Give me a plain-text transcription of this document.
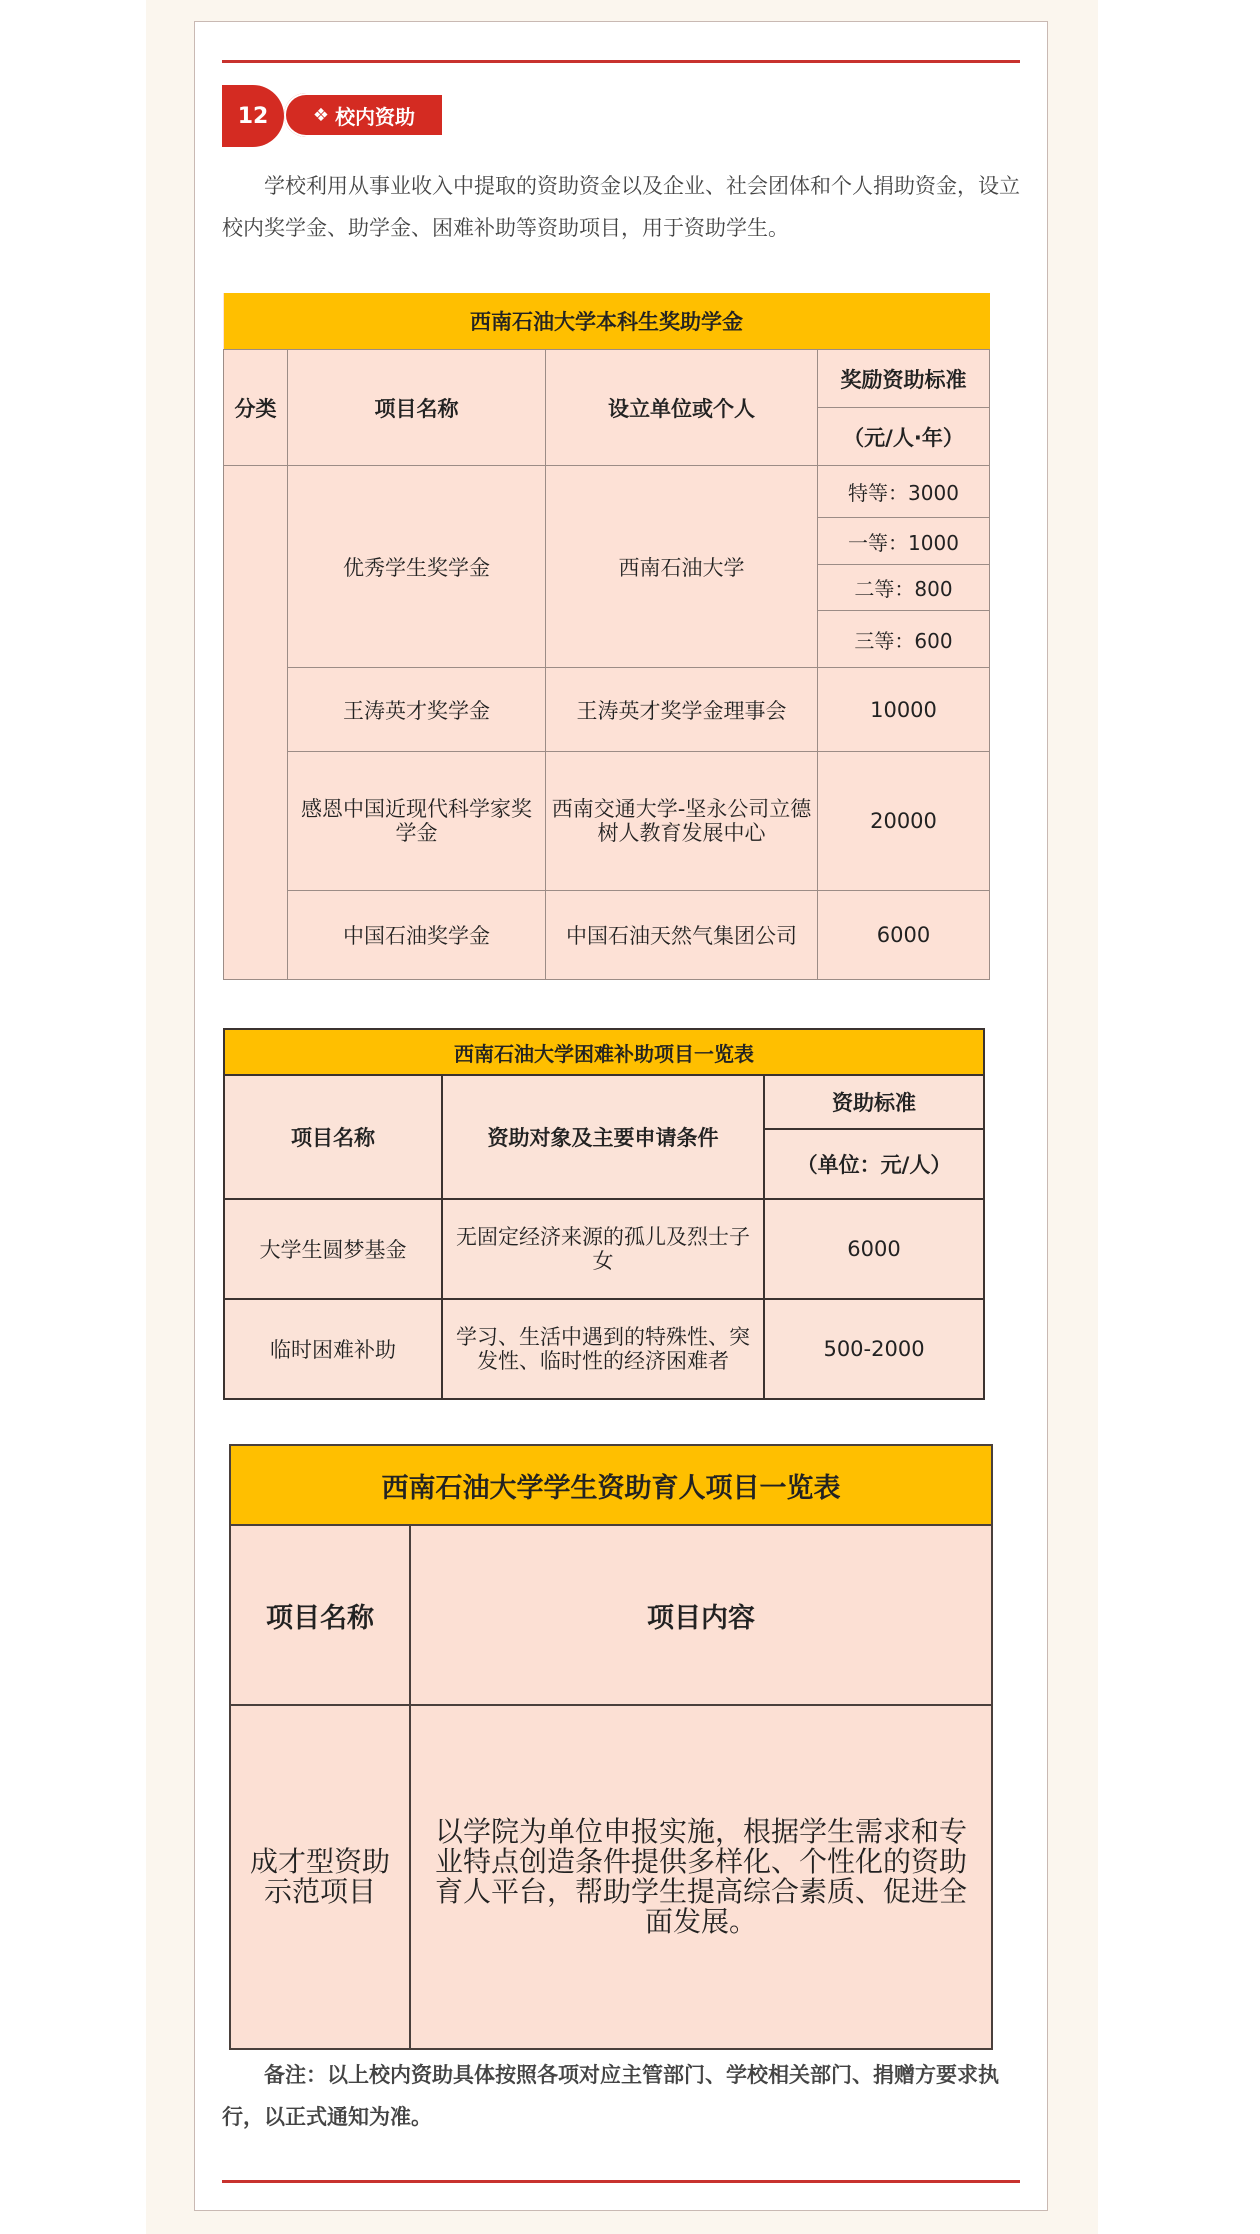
12	❖ 校内资助

学校利用从事业收入中提取的资助资金以及企业、社会团体和个人捐助资金，设立校内奖学金、助学金、困难补助等资助项目，用于资助学生。

西南石油大学本科生奖助学金			
分类	项目名称	设立单位或个人	奖励资助标准
			（元/人·年）
	优秀学生奖学金	西南石油大学	特等：3000
			一等：1000
			二等：800
			三等：600
	王涛英才奖学金	王涛英才奖学金理事会	10000
	感恩中国近现代科学家奖学金	西南交通大学-坚永公司立德树人教育发展中心	20000
	中国石油奖学金	中国石油天然气集团公司	6000
西南石油大学困难补助项目一览表		
项目名称	资助对象及主要申请条件	资助标准
		（单位：元/人）
大学生圆梦基金	无固定经济来源的孤儿及烈士子女	6000
临时困难补助	学习、生活中遇到的特殊性、突发性、临时性的经济困难者	500-2000
西南石油大学学生资助育人项目一览表	
项目名称	项目内容
成才型资助示范项目	以学院为单位申报实施，根据学生需求和专业特点创造条件提供多样化、个性化的资助育人平台，帮助学生提高综合素质、促进全面发展。

备注：以上校内资助具体按照各项对应主管部门、学校相关部门、捐赠方要求执行，以正式通知为准。
